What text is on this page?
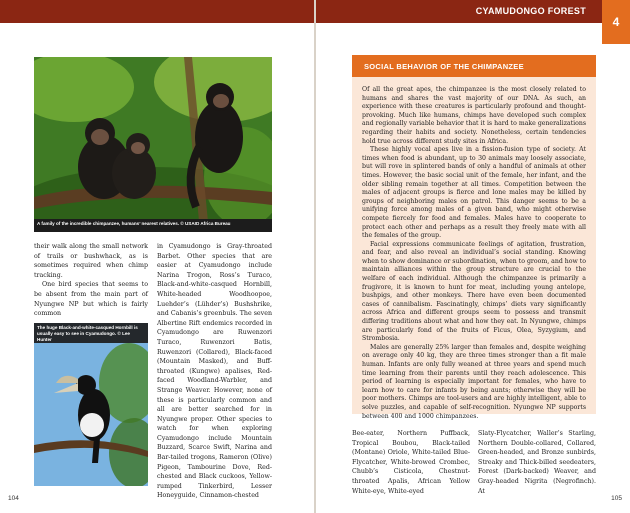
A family of the incredible chimpanzee, humans’ nearest relatives. © USAID Africa Bureau

their walk along the small network of trails or bushwhack, as is sometimes required when chimp tracking.

One bird species that seems to be absent from the main part of Nyungwe NP but which is fairly common

The huge Black-and-white-casqued Hornbill is usually easy to see in Cyamudongo. © Lee Hunter

in Cyamudongo is Gray-throated Barbet. Other species that are easier at Cyamudongo include Narina Trogon, Ross’s Turaco, Black-and-white-casqued Hornbill, White-headed Woodhoopoe, Luehder’s (Lühder’s) Bushshrike, and Cabanis’s greenbuls. The seven Albertine Rift endemics recorded in Cyamudongo are Ruwenzori Turaco, Ruwenzori Batis, Ruwenzori (Collared), Black-faced (Mountain Masked), and Buff-throated (Kungwe) apalises, Red-faced Woodland-Warbler, and Strange Weaver. However, none of these is particularly common and all are better searched for in Nyungwe proper. Other species to watch for when exploring Cyamudongo include Mountain Buzzard, Scarce Swift, Narina and Bar-tailed trogons, Rameron (Olive) Pigeon, Tambourine Dove, Red-chested and Black cuckoos, Yellow-rumped Tinkerbird, Lesser Honeyguide, Cinnamon-chested

104
CYAMUDONGO FOREST
4
SOCIAL BEHAVIOR OF THE CHIMPANZEE

Of all the great apes, the chimpanzee is the most closely related to humans and shares the vast majority of our DNA. As such, an experience with these creatures is particularly profound and thought-provoking. Much like humans, chimps have developed such complex and regionally variable behavior that it is hard to make generalizations regarding their habits and society. Nonetheless, certain tendencies hold true across different study sites in Africa.

These highly vocal apes live in a fission-fusion type of society. At times when food is abundant, up to 30 animals may loosely associate, but will rove in splintered bands of only a handful of animals at other times. However, the basic social unit of the female, her infant, and the older sibling remain together at all times. Competition between the males of adjacent groups is fierce and lone males may be killed by groups of neighboring males on patrol. This danger seems to be a unifying force among males of a given band, who might otherwise compete fiercely for food and females. Males have to cooperate to protect each other and perhaps as a result they freely mate with all the females of the group.

Facial expressions communicate feelings of agitation, frustration, and fear, and also reveal an individual’s social standing. Knowing when to show dominance or subordination, when to groom, and how to maintain alliances within the group structure are crucial to the welfare of each individual. Although the chimpanzee is primarily a frugivore, it is known to hunt for meat, including young antelope, bushpigs, and other monkeys. There have even been documented cases of cannibalism. Fascinatingly, chimps’ diets vary significantly across Africa and different groups seem to possess and transmit differing traditions about what and how they eat. In Nyungwe, chimps are particularly fond of the fruits of Ficus, Olea, Syzygium, and Strombosia.

Males are generally 25% larger than females and, despite weighing on average only 40 kg, they are three times stronger than a fit male human. Infants are only fully weaned at three years and spend much time learning from their parents until they reach adolescence. This period of learning is especially important for females, who have to learn how to care for infants by being aunts; otherwise they will be poor mothers. Chimps are tool-users and are highly intelligent, able to solve puzzles, and capable of self-recognition. Nyungwe NP supports between 400 and 1000 chimpanzees.

Bee-eater, Northern Puffback, Tropical Boubou, Black-tailed (Montane) Oriole, White-tailed Blue-Flycatcher, White-browed Crombec, Chubb’s Cisticola, Chestnut-throated Apalis, African Yellow White-eye, White-eyed

Slaty-Flycatcher, Waller’s Starling, Northern Double-collared, Collared, Green-headed, and Bronze sunbirds, Streaky and Thick-billed seedeaters, Forest (Dark-backed) Weaver, and Gray-headed Nigrita (Negrofinch). At

105
